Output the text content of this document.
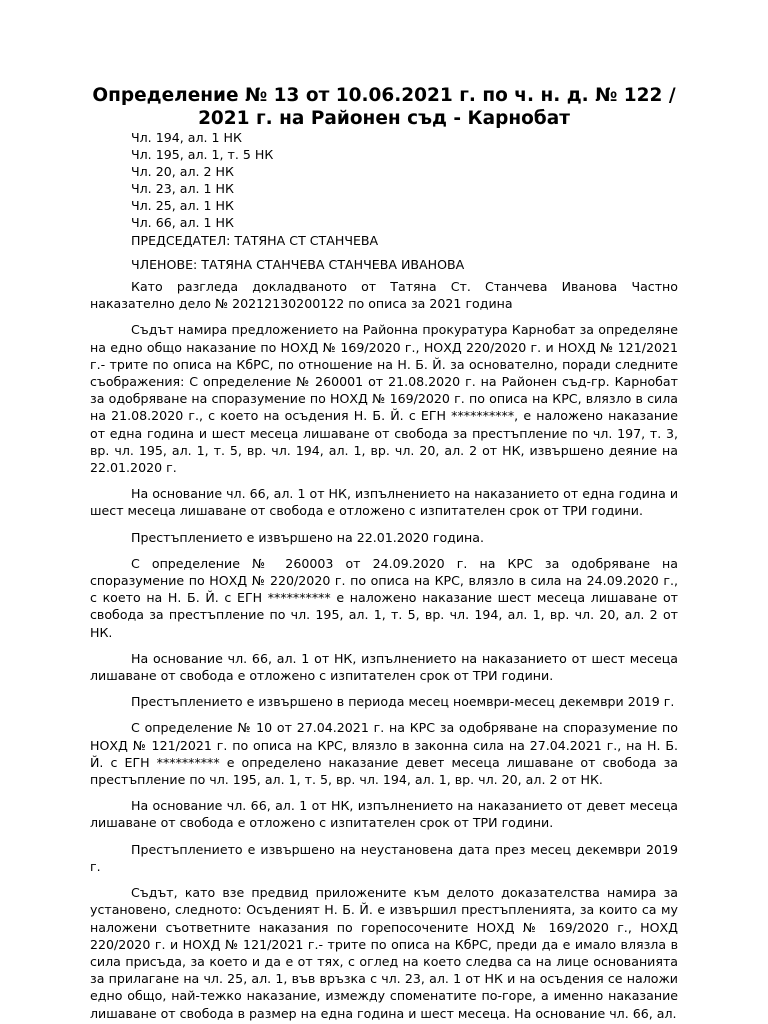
Определение № 13 от 10.06.2021 г. по ч. н. д. № 122 /
2021 г. на Районен съд - Карнобат
Чл. 194, ал. 1 НК
Чл. 195, ал. 1, т. 5 НК
Чл. 20, ал. 2 НК
Чл. 23, ал. 1 НК
Чл. 25, ал. 1 НК
Чл. 66, ал. 1 НК
ПРЕДСЕДАТЕЛ: ТАТЯНА СТ СТАНЧЕВА
ЧЛЕНОВЕ: ТАТЯНА СТАНЧЕВА СТАНЧЕВА ИВАНОВА

Като разгледа докладваното от Татяна Ст. Станчева Иванова Частно наказателно дело № 20212130200122 по описа за 2021 година

Съдът намира предложението на Районна прокуратура Карнобат за определяне на едно общо наказание по НОХД № 169/2020 г., НОХД 220/2020 г. и НОХД № 121/2021 г.- трите по описа на КбРС, по отношение на Н. Б. Й. за основателно, поради следните съображения: С определение № 260001 от 21.08.2020 г. на Районен съд-гр. Карнобат за одобряване на споразумение по НОХД № 169/2020 г. по описа на КРС, влязло в сила на 21.08.2020 г., с което на осъдения Н. Б. Й. с ЕГН **********, е наложено наказание от една година и шест месеца лишаване от свобода за престъпление по чл. 197, т. 3, вр. чл. 195, ал. 1, т. 5, вр. чл. 194, ал. 1, вр. чл. 20, ал. 2 от НК, извършено деяние на 22.01.2020 г.

На основание чл. 66, ал. 1 от НК, изпълнението на наказанието от една година и шест месеца лишаване от свобода е отложено с изпитателен срок от ТРИ години.

Престъплението е извършено на 22.01.2020 година.

С определение № 260003 от 24.09.2020 г. на КРС за одобряване на споразумение по НОХД № 220/2020 г. по описа на КРС, влязло в сила на 24.09.2020 г., с което на Н. Б. Й. с ЕГН ********** е наложено наказание шест месеца лишаване от свобода за престъпление по чл. 195, ал. 1, т. 5, вр. чл. 194, ал. 1, вр. чл. 20, ал. 2 от НК.

На основание чл. 66, ал. 1 от НК, изпълнението на наказанието от шест месеца лишаване от свобода е отложено с изпитателен срок от ТРИ години.

Престъплението е извършено в периода месец ноември-месец декември 2019 г.

С определение № 10 от 27.04.2021 г. на КРС за одобряване на споразумение по НОХД № 121/2021 г. по описа на КРС, влязло в законна сила на 27.04.2021 г., на Н. Б. Й. с ЕГН ********** е определено наказание девет месеца лишаване от свобода за престъпление по чл. 195, ал. 1, т. 5, вр. чл. 194, ал. 1, вр. чл. 20, ал. 2 от НК.

На основание чл. 66, ал. 1 от НК, изпълнението на наказанието от девет месеца лишаване от свобода е отложено с изпитателен срок от ТРИ години.

Престъплението е извършено на неустановена дата през месец декември 2019 г.

Съдът, като взе предвид приложените към делото доказателства намира за установено, следното: Осъденият Н. Б. Й. е извършил престъпленията, за които са му наложени съответните наказания по горепосочените НОХД № 169/2020 г., НОХД 220/2020 г. и НОХД № 121/2021 г.- трите по описа на КбРС, преди да е имало влязла в сила присъда, за което и да е от тях, с оглед на което следва са на лице основанията за прилагане на чл. 25, ал. 1, във връзка с чл. 23, ал. 1 от НК и на осъдения се наложи едно общо, най-тежко наказание, измежду споменатите по-горе, а именно наказание лишаване от свобода в размер на една година и шест месеца. На основание чл. 66, ал.
